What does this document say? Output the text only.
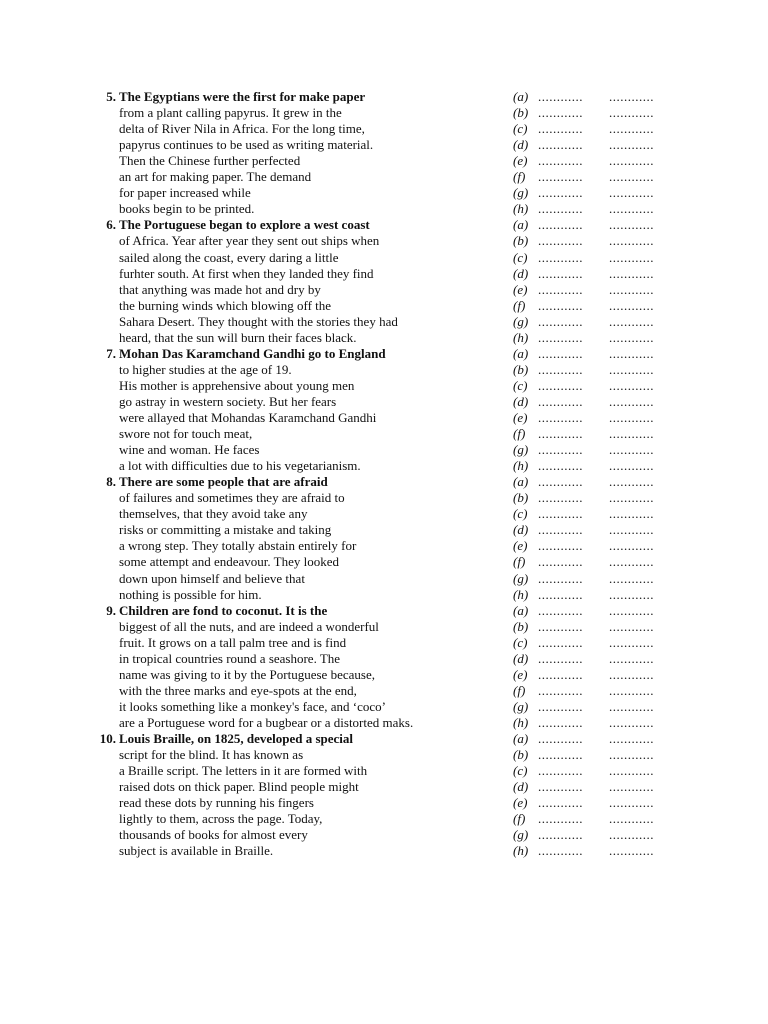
5. The Egyptians were the first for make paper	(a) ............	............
from a plant calling papyrus. It grew in the	(b) ............	............
delta of River Nila in Africa. For the long time,	(c) ............	............
papyrus continues to be used as writing material.	(d) ............	............
Then the Chinese further perfected	(e) ............	............
an art for making paper. The demand	(f) ............	............
for paper increased while	(g) ............	............
books begin to be printed.	(h) ............	............
6. The Portuguese began to explore a west coast	(a) ............	............
of Africa. Year after year they sent out ships when	(b) ............	............
sailed along the coast, every daring a little	(c) ............	............
furhter south. At first when they landed they find	(d) ............	............
that anything was made hot and dry by	(e) ............	............
the burning winds which blowing off the	(f) ............	............
Sahara Desert. They thought with the stories they had	(g) ............	............
heard, that the sun will burn their faces black.	(h) ............	............
7. Mohan Das Karamchand Gandhi go to England	(a) ............	............
to higher studies at the age of 19.	(b) ............	............
His mother is apprehensive about young men	(c) ............	............
go astray in western society. But her fears	(d) ............	............
were allayed that Mohandas Karamchand Gandhi	(e) ............	............
swore not for touch meat,	(f) ............	............
wine and woman. He faces	(g) ............	............
a lot with difficulties due to his vegetarianism.	(h) ............	............
8. There are some people that are afraid	(a) ............	............
of failures and sometimes they are afraid to	(b) ............	............
themselves, that they avoid take any	(c) ............	............
risks or committing a mistake and taking	(d) ............	............
a wrong step. They totally abstain entirely for	(e) ............	............
some attempt and endeavour. They looked	(f) ............	............
down upon himself and believe that	(g) ............	............
nothing is possible for him.	(h) ............	............
9. Children are fond to coconut. It is the	(a) ............	............
biggest of all the nuts, and are indeed a wonderful	(b) ............	............
fruit. It grows on a tall palm tree and is find	(c) ............	............
in tropical countries round a seashore. The	(d) ............	............
name was giving to it by the Portuguese because,	(e) ............	............
with the three marks and eye-spots at the end,	(f) ............	............
it looks something like a monkey's face, and ‘coco’	(g) ............	............
are a Portuguese word for a bugbear or a distorted maks.	(h) ............	............
10. Louis Braille, on 1825, developed a special	(a) ............	............
script for the blind. It has known as	(b) ............	............
a Braille script. The letters in it are formed with	(c) ............	............
raised dots on thick paper. Blind people might	(d) ............	............
read these dots by running his fingers	(e) ............	............
lightly to them, across the page. Today,	(f) ............	............
thousands of books for almost every	(g) ............	............
subject is available in Braille.	(h) ............	............
